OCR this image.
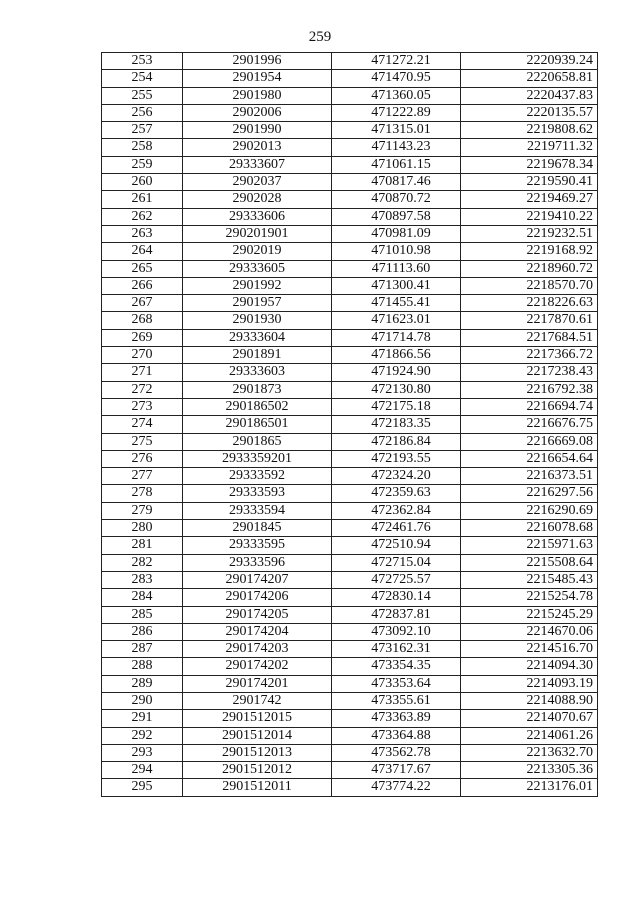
259
253	2901996	471272.21	2220939.24
254	2901954	471470.95	2220658.81
255	2901980	471360.05	2220437.83
256	2902006	471222.89	2220135.57
257	2901990	471315.01	2219808.62
258	2902013	471143.23	2219711.32
259	29333607	471061.15	2219678.34
260	2902037	470817.46	2219590.41
261	2902028	470870.72	2219469.27
262	29333606	470897.58	2219410.22
263	290201901	470981.09	2219232.51
264	2902019	471010.98	2219168.92
265	29333605	471113.60	2218960.72
266	2901992	471300.41	2218570.70
267	2901957	471455.41	2218226.63
268	2901930	471623.01	2217870.61
269	29333604	471714.78	2217684.51
270	2901891	471866.56	2217366.72
271	29333603	471924.90	2217238.43
272	2901873	472130.80	2216792.38
273	290186502	472175.18	2216694.74
274	290186501	472183.35	2216676.75
275	2901865	472186.84	2216669.08
276	2933359201	472193.55	2216654.64
277	29333592	472324.20	2216373.51
278	29333593	472359.63	2216297.56
279	29333594	472362.84	2216290.69
280	2901845	472461.76	2216078.68
281	29333595	472510.94	2215971.63
282	29333596	472715.04	2215508.64
283	290174207	472725.57	2215485.43
284	290174206	472830.14	2215254.78
285	290174205	472837.81	2215245.29
286	290174204	473092.10	2214670.06
287	290174203	473162.31	2214516.70
288	290174202	473354.35	2214094.30
289	290174201	473353.64	2214093.19
290	2901742	473355.61	2214088.90
291	2901512015	473363.89	2214070.67
292	2901512014	473364.88	2214061.26
293	2901512013	473562.78	2213632.70
294	2901512012	473717.67	2213305.36
295	2901512011	473774.22	2213176.01
